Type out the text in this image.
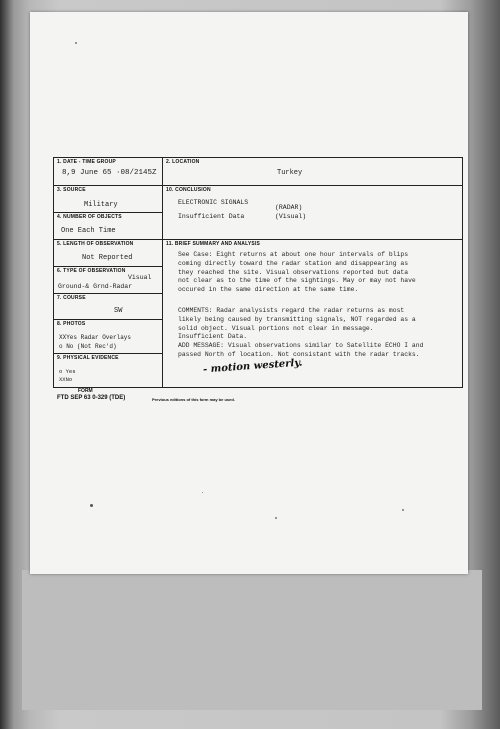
1. DATE - TIME GROUP
8,9 June 65 ·08/2145Z
3. SOURCE
Military
4. NUMBER OF OBJECTS
One Each Time
5. LENGTH OF OBSERVATION
Not Reported
6. TYPE OF OBSERVATION
Visual
Ground-& Grnd-Radar
7. COURSE
SW
8. PHOTOS
XXYes Radar Overlays
o No (Not Rec'd)
9. PHYSICAL EVIDENCE
o Yes
XXNo
2. LOCATION
Turkey
10. CONCLUSION
ELECTRONIC SIGNALS
(RADAR)
Insufficient Data	(Visual)
11. BRIEF SUMMARY AND ANALYSIS
See Case: Eight returns at about one hour intervals of blips
coming directly toward the radar station and disappearing as
they reached the site. Visual observations reported but data
not clear as to the time of the sightings. May or may not have
occured in the same direction at the same time.
COMMENTS: Radar analysists regard the radar returns as most
likely being caused by transmitting signals, NOT regarded as a
solid object. Visual portions not clear in message.
Insufficient Data.
ADD MESSAGE: Visual observations similar to Satellite ECHO I and
passed North of location. Not consistant with the radar tracks.
- motion westerly.
FORM
FTD SEP 63 0-329 (TDE)	Previous editions of this form may be used.
